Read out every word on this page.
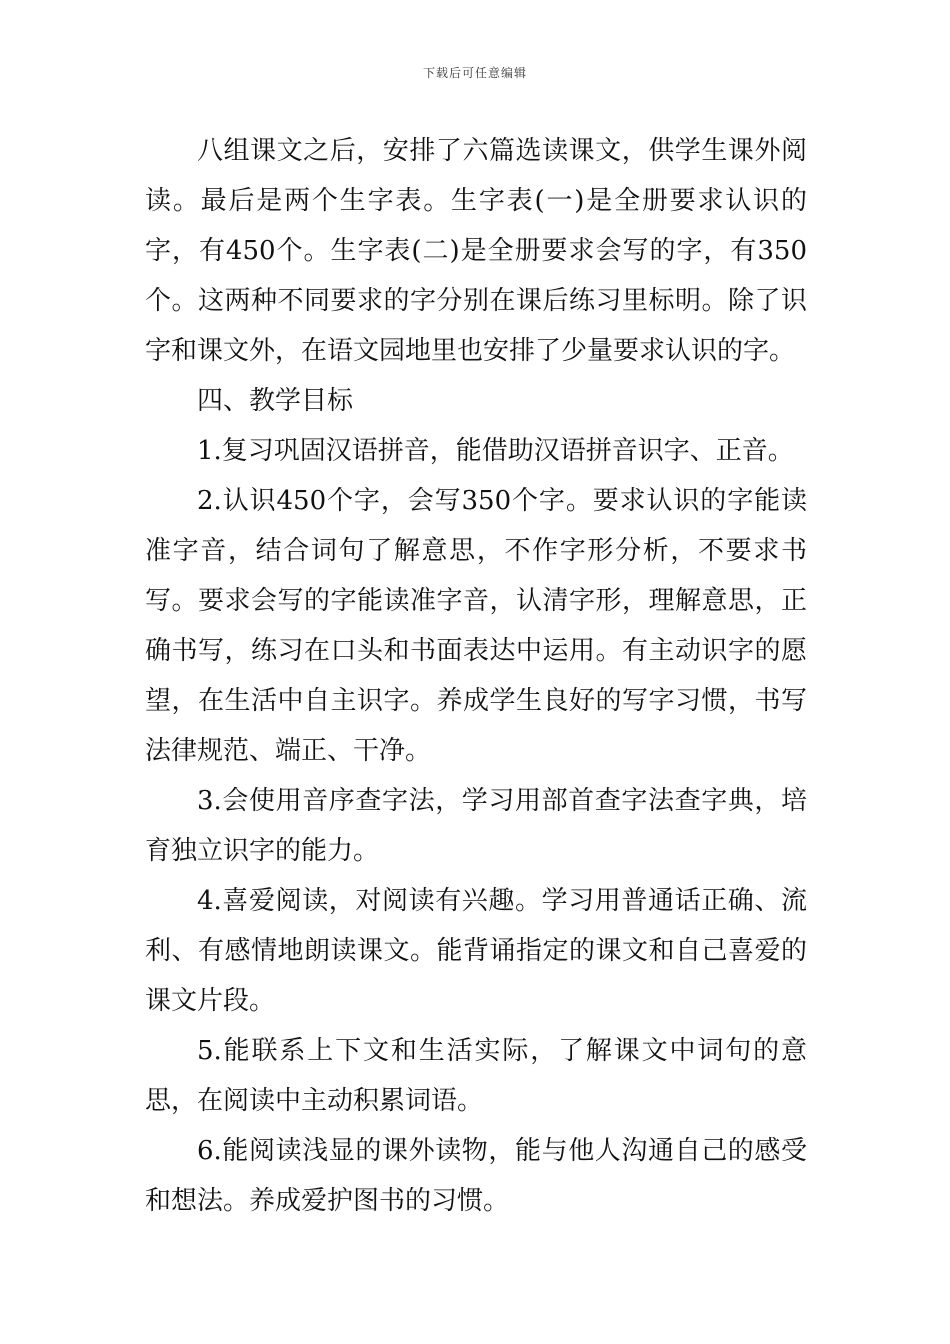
下载后可任意编辑

八组课文之后，安排了六篇选读课文，供学生课外阅读。最后是两个生字表。生字表(一)是全册要求认识的字，有450个。生字表(二)是全册要求会写的字，有350个。这两种不同要求的字分别在课后练习里标明。除了识字和课文外，在语文园地里也安排了少量要求认识的字。

四、教学目标

1.复习巩固汉语拼音，能借助汉语拼音识字、正音。

2.认识450个字，会写350个字。要求认识的字能读准字音，结合词句了解意思，不作字形分析，不要求书写。要求会写的字能读准字音，认清字形，理解意思，正确书写，练习在口头和书面表达中运用。有主动识字的愿望，在生活中自主识字。养成学生良好的写字习惯，书写法律规范、端正、干净。

3.会使用音序查字法，学习用部首查字法查字典，培育独立识字的能力。

4.喜爱阅读，对阅读有兴趣。学习用普通话正确、流利、有感情地朗读课文。能背诵指定的课文和自己喜爱的课文片段。

5.能联系上下文和生活实际，了解课文中词句的意思，在阅读中主动积累词语。

6.能阅读浅显的课外读物，能与他人沟通自己的感受和想法。养成爱护图书的习惯。
